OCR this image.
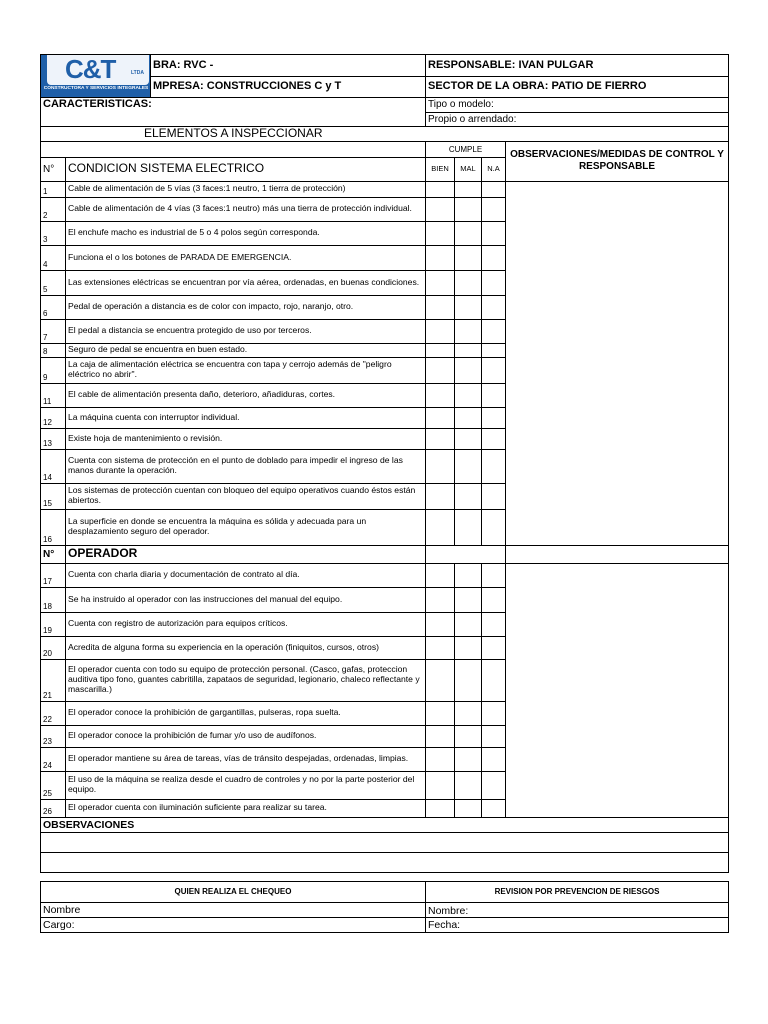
C&T LTDA
CONSTRUCTORA Y SERVICIOS INTEGRALES		BRA: RVC -	RESPONSABLE: IVAN PULGAR			
		MPRESA: CONSTRUCCIONES C y T	SECTOR DE LA OBRA: PATIO DE FIERRO			
CARACTERISTICAS:			Tipo o modelo:			
			Propio o arrendado:			
ELEMENTOS A INSPECCIONAR						
			CUMPLE			OBSERVACIONES/MEDIDAS DE CONTROL Y RESPONSABLE
N°	CONDICION SISTEMA ELECTRICO		BIEN	MAL	N.A	
1	Cable de alimentación de 5 vías (3 faces:1 neutro, 1 tierra de protección)					
2	Cable de alimentación de 4 vías (3 faces:1 neutro) más una tierra de protección individual.					
3	El enchufe macho es industrial de 5 o 4 polos según corresponda.					
4	Funciona el o los botones de PARADA DE EMERGENCIA.					
5	Las extensiones eléctricas se encuentran por vía aérea, ordenadas, en buenas condiciones.					
6	Pedal de operación a distancia es de color con impacto, rojo, naranjo, otro.					
7	El pedal a distancia se encuentra protegido de uso por terceros.					
8	Seguro de pedal se encuentra en buen estado.					
9	La caja de alimentación eléctrica se encuentra con tapa y cerrojo además de "peligro eléctrico no abrir".					
11	El cable de alimentación presenta daño, deterioro, añadiduras, cortes.					
12	La máquina cuenta con interruptor individual.					
13	Existe hoja de mantenimiento o revisión.					
14	Cuenta con sistema de protección en el punto de doblado para impedir el ingreso de las manos durante la operación.					
15	Los sistemas de protección cuentan con bloqueo del equipo operativos cuando éstos están abiertos.					
16	La superficie en donde se encuentra la máquina es sólida y adecuada para un desplazamiento seguro del operador.					
N°	OPERADOR					
17	Cuenta con charla diaria y documentación de contrato al día.					
18	Se ha instruido al operador con las instrucciones del manual del equipo.					
19	Cuenta con registro de autorización para equipos críticos.					
20	Acredita de alguna forma su experiencia en la operación (finiquitos, cursos, otros)					
21	El operador cuenta con todo su equipo de protección personal. (Casco, gafas, proteccion auditiva tipo fono, guantes cabritilla, zapataos de seguridad, legionario, chaleco reflectante y mascarilla.)					
22	El operador conoce la prohibición de gargantillas, pulseras, ropa suelta.					
23	El operador conoce la prohibición de fumar y/o uso de audífonos.					
24	El operador mantiene su área de tareas, vías de tránsito despejadas, ordenadas, limpias.					
25	El uso de la máquina se realiza desde el cuadro de controles y no por la parte posterior del equipo.					
26	El operador cuenta con iluminación suficiente para realizar su tarea.					
OBSERVACIONES						

QUIEN REALIZA EL CHEQUEO			REVISION POR PREVENCION DE RIESGOS			
Nombre			Nombre:			
Cargo:			Fecha:			
